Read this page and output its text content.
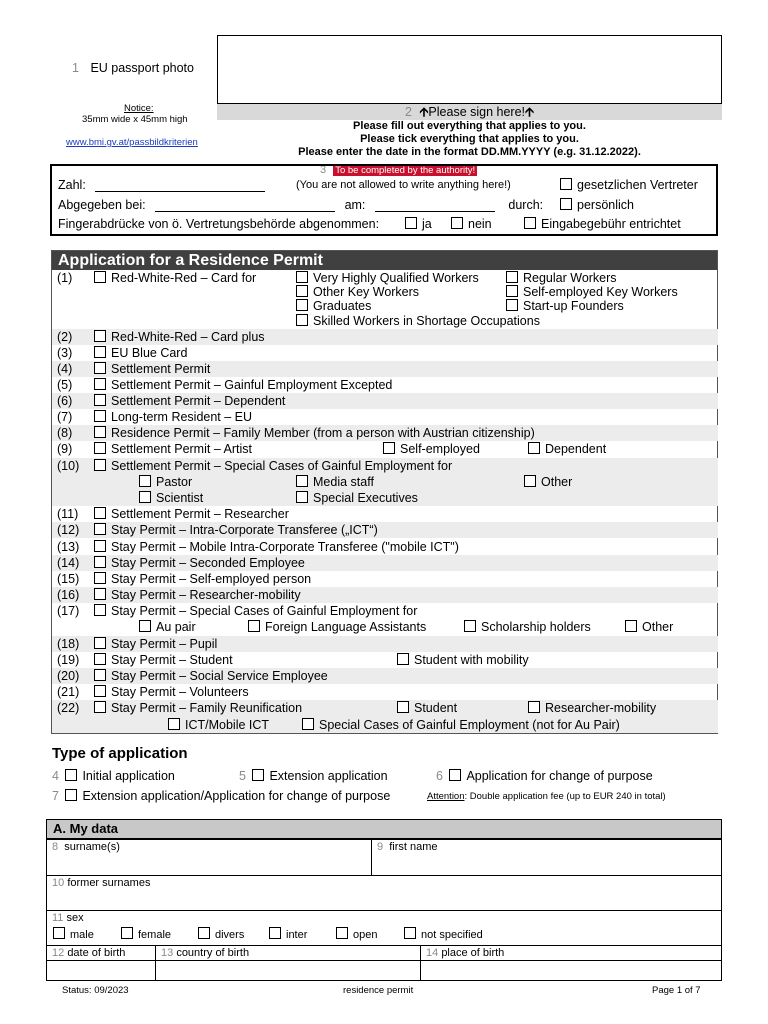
1 EU passport photo
Notice:
35mm wide x 45mm high
www.bmi.gv.at/passbildkriterien
2 🡩Please sign here!🡩
Please fill out everything that applies to you.
Please tick everything that applies to you.
Please enter the date in the format DD.MM.YYYY (e.g. 31.12.2022).
3 To be completed by the authority!
Zahl:	(You are not allowed to write anything here!)	gesetzlichen Vertreter
Abgegeben bei:	am:	durch:	persönlich
Fingerabdrücke von ö. Vertretungsbehörde abgenommen:	ja	nein	Eingabegebühr entrichtet
Application for a Residence Permit
(1)	Red-White-Red – Card for	Very Highly Qualified Workers	Regular Workers
Other Key Workers	Self-employed Key Workers
Graduates	Start-up Founders
Skilled Workers in Shortage Occupations
(2)	Red-White-Red – Card plus
(3)	EU Blue Card
(4)	Settlement Permit
(5)	Settlement Permit – Gainful Employment Excepted
(6)	Settlement Permit – Dependent
(7)	Long-term Resident – EU
(8)	Residence Permit – Family Member (from a person with Austrian citizenship)
(9)	Settlement Permit – Artist	Self-employed	Dependent
(10)	Settlement Permit – Special Cases of Gainful Employment for
Pastor	Media staff	Other
Scientist	Special Executives
(11)	Settlement Permit – Researcher
(12)	Stay Permit – Intra-Corporate Transferee („ICT“)
(13)	Stay Permit – Mobile Intra-Corporate Transferee ("mobile ICT")
(14)	Stay Permit – Seconded Employee
(15)	Stay Permit – Self-employed person
(16)	Stay Permit – Researcher-mobility
(17)	Stay Permit – Special Cases of Gainful Employment for
Au pair	Foreign Language Assistants	Scholarship holders	Other
(18)	Stay Permit – Pupil
(19)	Stay Permit – Student	Student with mobility
(20)	Stay Permit – Social Service Employee
(21)	Stay Permit – Volunteers
(22)	Stay Permit – Family Reunification	Student	Researcher-mobility
ICT/Mobile ICT	Special Cases of Gainful Employment (not for Au Pair)
Type of application
4 Initial application	5 Extension application	6 Application for change of purpose
7 Extension application/Application for change of purpose	Attention: Double application fee (up to EUR 240 in total)
A. My data
8 surname(s)	9 first name
10 former surnames
11 sex
male	female	divers	inter	open	not specified
12 date of birth	13 country of birth	14 place of birth
Status: 09/2023	residence permit	Page 1 of 7
